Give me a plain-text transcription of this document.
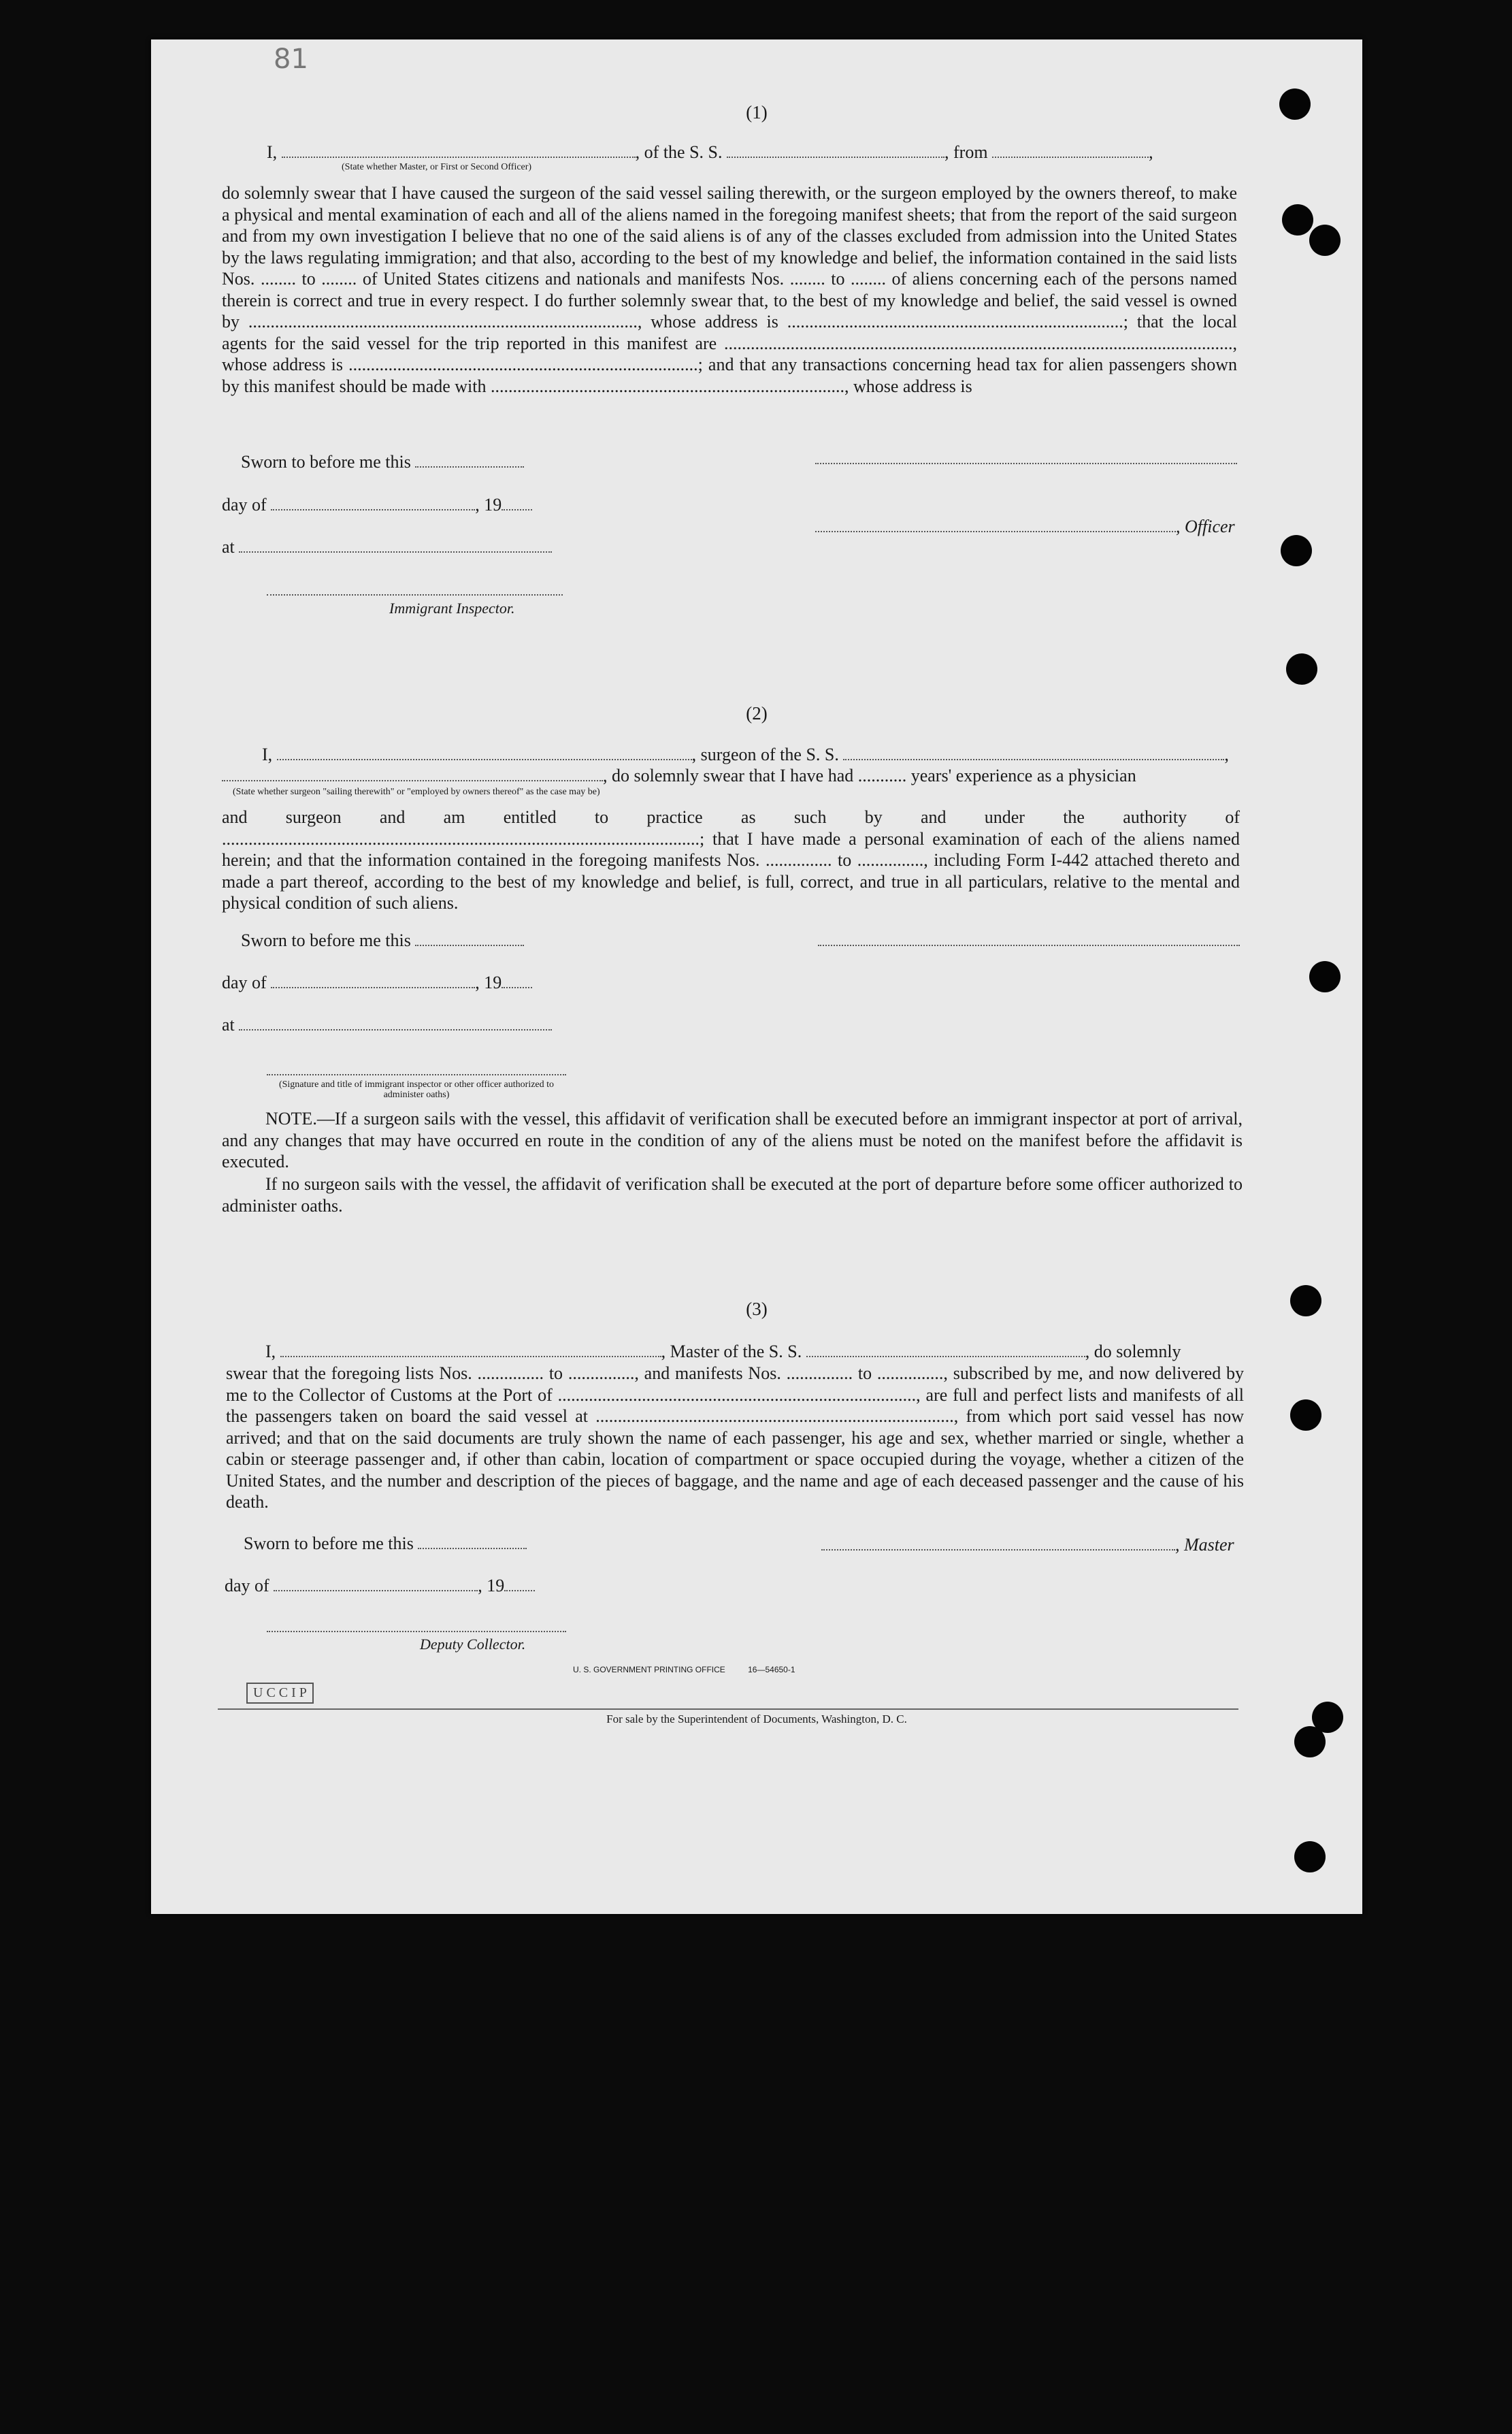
81
(1)
I,	, of the S. S.	, from	,
(State whether Master, or First or Second Officer)
do solemnly swear that I have caused the surgeon of the said vessel sailing therewith, or the surgeon employed by the owners thereof, to make a physical and mental examination of each and all of the aliens named in the foregoing manifest sheets; that from the report of the said surgeon and from my own investigation I believe that no one of the said aliens is of any of the classes excluded from admission into the United States by the laws regulating immigration; and that also, according to the best of my knowledge and belief, the information contained in the said lists Nos. ........ to ........ of United States citizens and nationals and manifests Nos. ........ to ........ of aliens concerning each of the persons named therein is correct and true in every respect. I do further solemnly swear that, to the best of my knowledge and belief, the said vessel is owned by ........................................................................................, whose address is ............................................................................; that the local agents for the said vessel for the trip reported in this manifest are ..................................................................................................................., whose address is ...............................................................................; and that any transactions concerning head tax for alien passengers shown by this manifest should be made with ................................................................................, whose address is
Sworn to before me this
day of	, 19
, Officer
at
Immigrant Inspector.
(2)
I,	, surgeon of the S. S.	,
, do solemnly swear that I have had ........... years' experience as a physician
(State whether surgeon "sailing therewith" or "employed by owners thereof" as the case may be)
and surgeon and am entitled to practice as such by and under the authority of ............................................................................................................; that I have made a personal examination of each of the aliens named herein; and that the information contained in the foregoing manifests Nos. ............... to ..............., including Form I-442 attached thereto and made a part thereof, according to the best of my knowledge and belief, is full, correct, and true in all particulars, relative to the mental and physical condition of such aliens.
Sworn to before me this
day of	, 19
at
(Signature and title of immigrant inspector or other officer authorized to administer oaths)
NOTE.—If a surgeon sails with the vessel, this affidavit of verification shall be executed before an immigrant inspector at port of arrival, and any changes that may have occurred en route in the condition of any of the aliens must be noted on the manifest before the affidavit is executed.
If no surgeon sails with the vessel, the affidavit of verification shall be executed at the port of departure before some officer authorized to administer oaths.
(3)
I,	, Master of the S. S.	, do solemnly
swear that the foregoing lists Nos. ............... to ..............., and manifests Nos. ............... to ..............., subscribed by me, and now delivered by me to the Collector of Customs at the Port of ................................................................................., are full and perfect lists and manifests of all the passengers taken on board the said vessel at ................................................................................., from which port said vessel has now arrived; and that on the said documents are truly shown the name of each passenger, his age and sex, whether married or single, whether a cabin or steerage passenger and, if other than cabin, location of compartment or space occupied during the voyage, whether a citizen of the United States, and the number and description of the pieces of baggage, and the name and age of each deceased passenger and the cause of his death.
Sworn to before me this	, Master
day of	, 19
Deputy Collector.
U. S. GOVERNMENT PRINTING OFFICE          16—54650-1
U C C I P
For sale by the Superintendent of Documents, Washington, D. C.
